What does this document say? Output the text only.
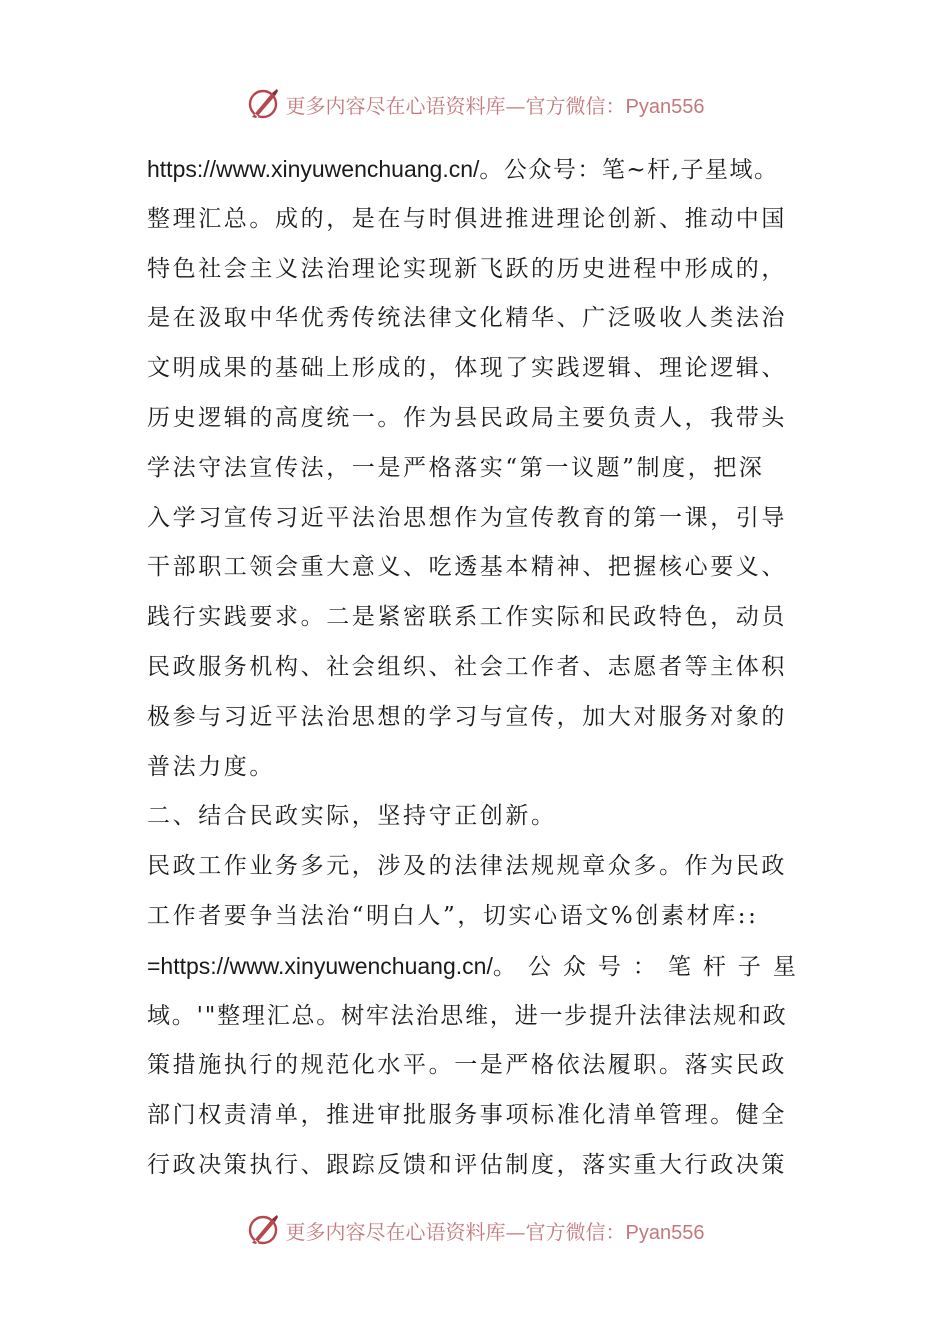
更多内容尽在心语资料库—官方微信：Pyan556
https://www.xinyuwenchuang.cn/。公众号：笔~杆,子星域。
整理汇总。成的，是在与时俱进推进理论创新、推动中国
特色社会主义法治理论实现新飞跃的历史进程中形成的，
是在汲取中华优秀传统法律文化精华、广泛吸收人类法治
文明成果的基础上形成的，体现了实践逻辑、理论逻辑、
历史逻辑的高度统一。作为县民政局主要负责人，我带头
学法守法宣传法，一是严格落实“第一议题”制度，把深
入学习宣传习近平法治思想作为宣传教育的第一课，引导
干部职工领会重大意义、吃透基本精神、把握核心要义、
践行实践要求。二是紧密联系工作实际和民政特色，动员
民政服务机构、社会组织、社会工作者、志愿者等主体积
极参与习近平法治思想的学习与宣传，加大对服务对象的
普法力度。
二、结合民政实际，坚持守正创新。
民政工作业务多元，涉及的法律法规规章众多。作为民政
工作者要争当法治“明白人”，切实心语文%创素材库::
=https://www.xinyuwenchuang.cn/。公众号：笔杆子星
域。'"整理汇总。树牢法治思维，进一步提升法律法规和政
策措施执行的规范化水平。一是严格依法履职。落实民政
部门权责清单，推进审批服务事项标准化清单管理。健全
行政决策执行、跟踪反馈和评估制度，落实重大行政决策
更多内容尽在心语资料库—官方微信：Pyan556
